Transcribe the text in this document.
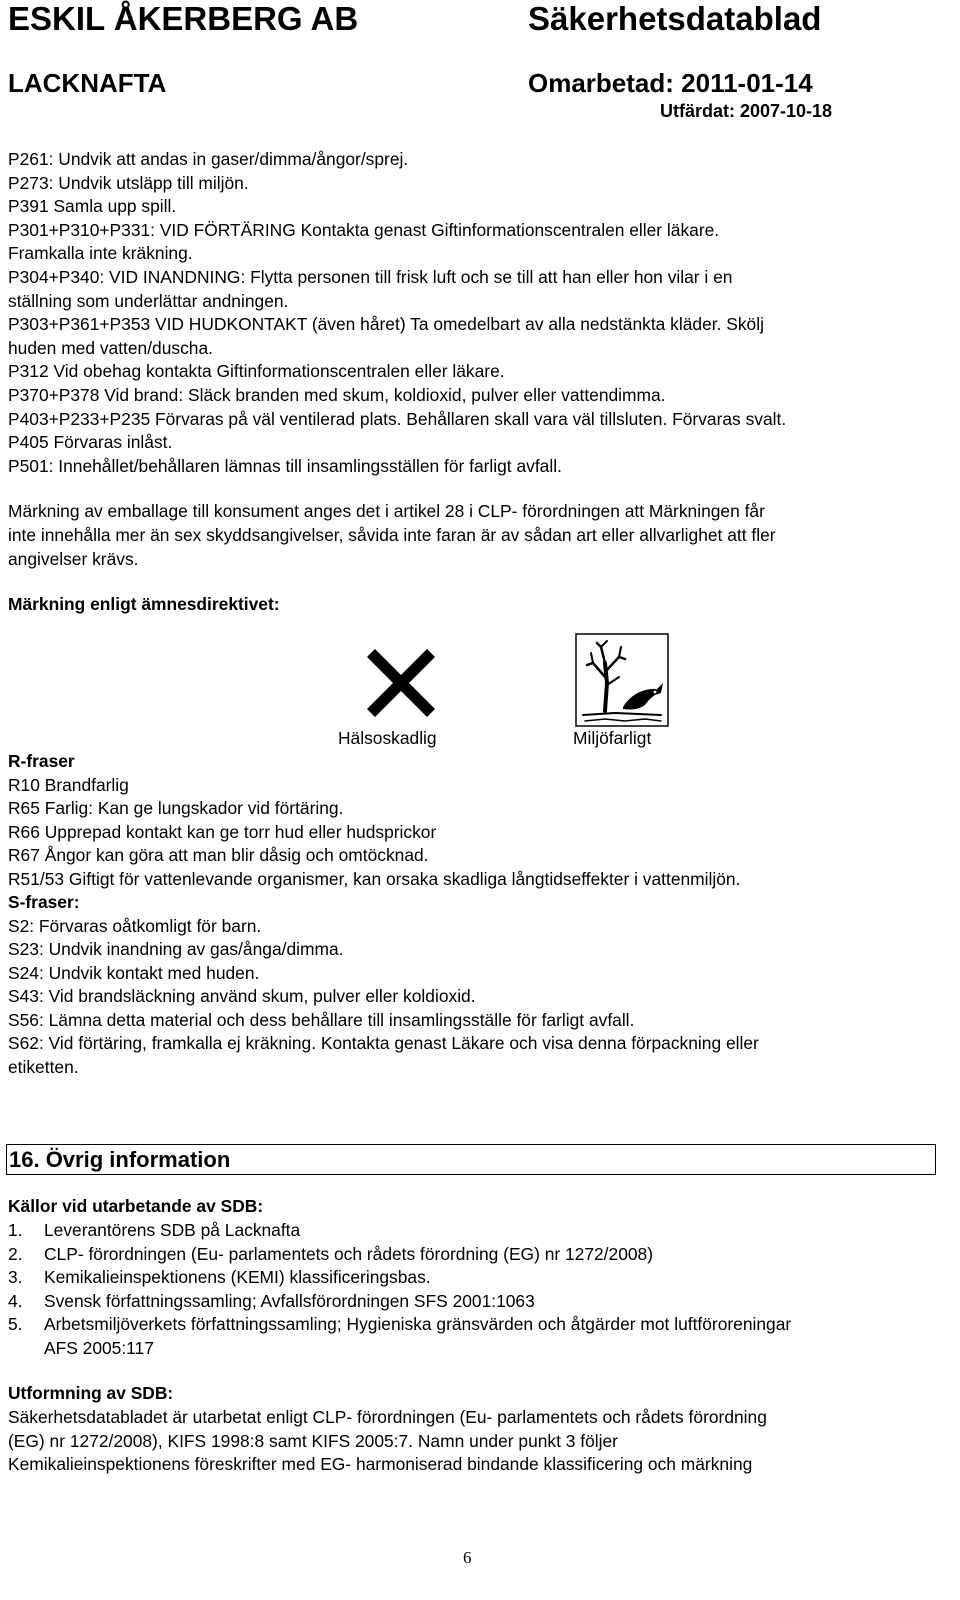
ESKIL ÅKERBERG AB	Säkerhetsdatablad
LACKNAFTA	Omarbetad: 2011-01-14
Utfärdat: 2007-10-18

P261: Undvik att andas in gaser/dimma/ångor/sprej.

P273: Undvik utsläpp till miljön.

P391 Samla upp spill.

P301+P310+P331: VID FÖRTÄRING Kontakta genast Giftinformationscentralen eller läkare.

Framkalla inte kräkning.

P304+P340: VID INANDNING: Flytta personen till frisk luft och se till att han eller hon vilar i en

ställning som underlättar andningen.

P303+P361+P353 VID HUDKONTAKT (även håret) Ta omedelbart av alla nedstänkta kläder. Skölj

huden med vatten/duscha.

P312 Vid obehag kontakta Giftinformationscentralen eller läkare.

P370+P378 Vid brand: Släck branden med skum, koldioxid, pulver eller vattendimma.

P403+P233+P235 Förvaras på väl ventilerad plats. Behållaren skall vara väl tillsluten. Förvaras svalt.

P405 Förvaras inlåst.

P501: Innehållet/behållaren lämnas till insamlingsställen för farligt avfall.

Märkning av emballage till konsument anges det i artikel 28 i CLP- förordningen att Märkningen får

inte innehålla mer än sex skyddsangivelser, såvida inte faran är av sådan art eller allvarlighet att fler

angivelser krävs.

Märkning enligt ämnesdirektivet:
Hälsoskadlig	Miljöfarligt

R-fraser

R10 Brandfarlig

R65 Farlig: Kan ge lungskador vid förtäring.

R66 Upprepad kontakt kan ge torr hud eller hudsprickor

R67 Ångor kan göra att man blir dåsig och omtöcknad.

R51/53 Giftigt för vattenlevande organismer, kan orsaka skadliga långtidseffekter i vattenmiljön.

S-fraser:

S2: Förvaras oåtkomligt för barn.

S23: Undvik inandning av gas/ånga/dimma.

S24: Undvik kontakt med huden.

S43: Vid brandsläckning använd skum, pulver eller koldioxid.

S56: Lämna detta material och dess behållare till insamlingsställe för farligt avfall.

S62: Vid förtäring, framkalla ej kräkning. Kontakta genast Läkare och visa denna förpackning eller

etiketten.

16. Övrig information
Källor vid utarbetande av SDB:
1.	Leverantörens SDB på Lacknafta
2.	CLP- förordningen (Eu- parlamentets och rådets förordning (EG) nr 1272/2008)
3.	Kemikalieinspektionens (KEMI) klassificeringsbas.
4.	Svensk författningssamling; Avfallsförordningen SFS 2001:1063
5.	Arbetsmiljöverkets författningssamling; Hygieniska gränsvärden och åtgärder mot luftföroreningar
AFS 2005:117
Utformning av SDB:

Säkerhetsdatabladet är utarbetat enligt CLP- förordningen (Eu- parlamentets och rådets förordning

(EG) nr 1272/2008), KIFS 1998:8 samt KIFS 2005:7. Namn under punkt 3 följer

Kemikalieinspektionens föreskrifter med EG- harmoniserad bindande klassificering och märkning

6
